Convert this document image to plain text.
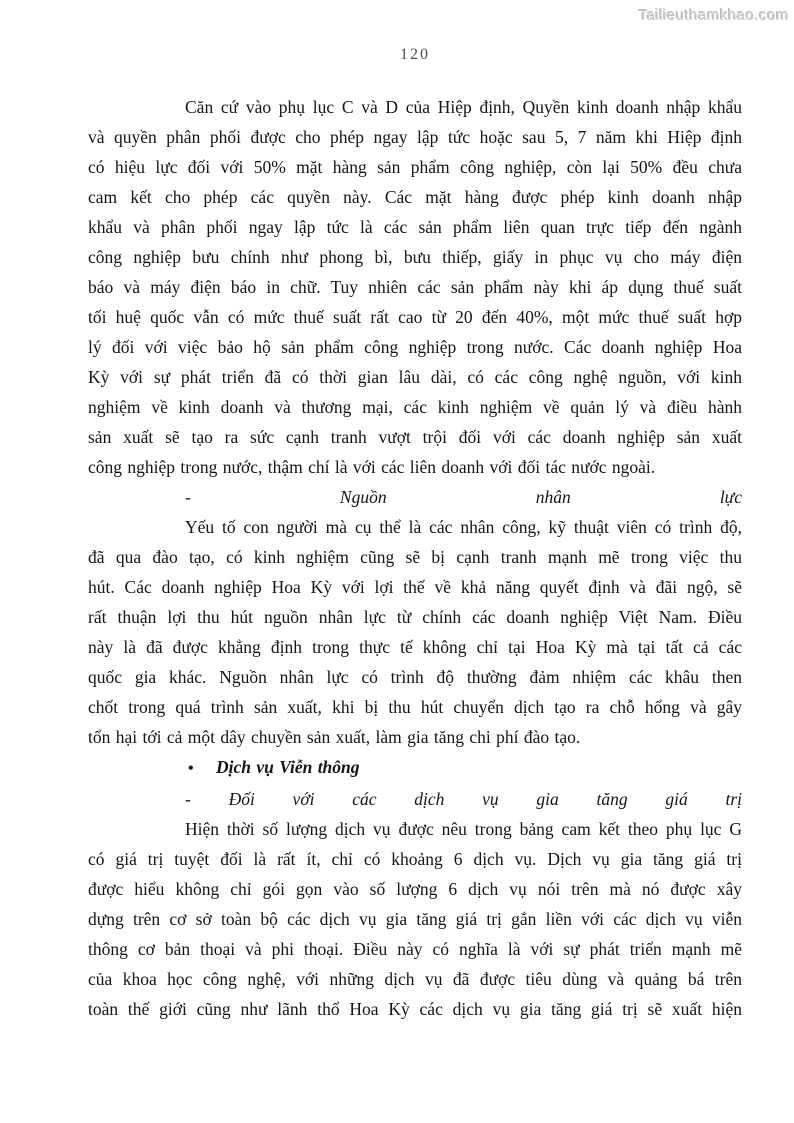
Tailieuthamkhao.com
120
Căn cứ vào phụ lục C và D của Hiệp định, Quyền kinh doanh nhập khẩu
và quyền phân phối được cho phép ngay lập tức hoặc sau 5, 7 năm khi Hiệp định
có hiệu lực đối với 50% mặt hàng sản phẩm công nghiệp, còn lại 50% đều chưa
cam kết cho phép các quyền này. Các mặt hàng được phép kinh doanh nhập
khẩu và phân phối ngay lập tức là các sản phẩm liên quan trực tiếp đến ngành
công nghiệp bưu chính như phong bì, bưu thiếp, giấy in phục vụ cho máy điện
báo và máy điện báo in chữ. Tuy nhiên các sản phẩm này khi áp dụng thuế suất
tối huệ quốc vẫn có mức thuế suất rất cao từ 20 đến 40%, một mức thuế suất hợp
lý đối với việc bảo hộ sản phẩm công nghiệp trong nước. Các doanh nghiệp Hoa
Kỳ với sự phát triển đã có thời gian lâu dài, có các công nghệ nguồn, với kinh
nghiệm về kinh doanh và thương mại, các kinh nghiệm về quản lý và điều hành
sản xuất sẽ tạo ra sức cạnh tranh vượt trội đối với các doanh nghiệp sản xuất
công nghiệp trong nước, thậm chí là với các liên doanh với đối tác nước ngoài.
- Nguồn nhân lực
Yếu tố con người mà cụ thể là các nhân công, kỹ thuật viên có trình độ,
đã qua đào tạo, có kinh nghiệm cũng sẽ bị cạnh tranh mạnh mẽ trong việc thu
hút. Các doanh nghiệp Hoa Kỳ với lợi thế về khả năng quyết định và đãi ngộ, sẽ
rất thuận lợi thu hút nguồn nhân lực từ chính các doanh nghiệp Việt Nam. Điều
này là đã được khẳng định trong thực tế không chỉ tại Hoa Kỳ mà tại tất cả các
quốc gia khác. Nguồn nhân lực có trình độ thường đảm nhiệm các khâu then
chốt trong quá trình sản xuất, khi bị thu hút chuyển dịch tạo ra chỗ hổng và gây
tổn hại tới cả một dây chuyền sản xuất, làm gia tăng chi phí đào tạo.
• Dịch vụ Viễn thông
- Đối với các dịch vụ gia tăng giá trị
Hiện thời số lượng dịch vụ được nêu trong bảng cam kết theo phụ lục G
có giá trị tuyệt đối là rất ít, chỉ có khoảng 6 dịch vụ. Dịch vụ gia tăng giá trị
được hiểu không chỉ gói gọn vào số lượng 6 dịch vụ nói trên mà nó được xây
dựng trên cơ sở toàn bộ các dịch vụ gia tăng giá trị gắn liền với các dịch vụ viễn
thông cơ bản thoại và phi thoại. Điều này có nghĩa là với sự phát triển mạnh mẽ
của khoa học công nghệ, với những dịch vụ đã được tiêu dùng và quảng bá trên
toàn thế giới cũng như lãnh thổ Hoa Kỳ các dịch vụ gia tăng giá trị sẽ xuất hiện
